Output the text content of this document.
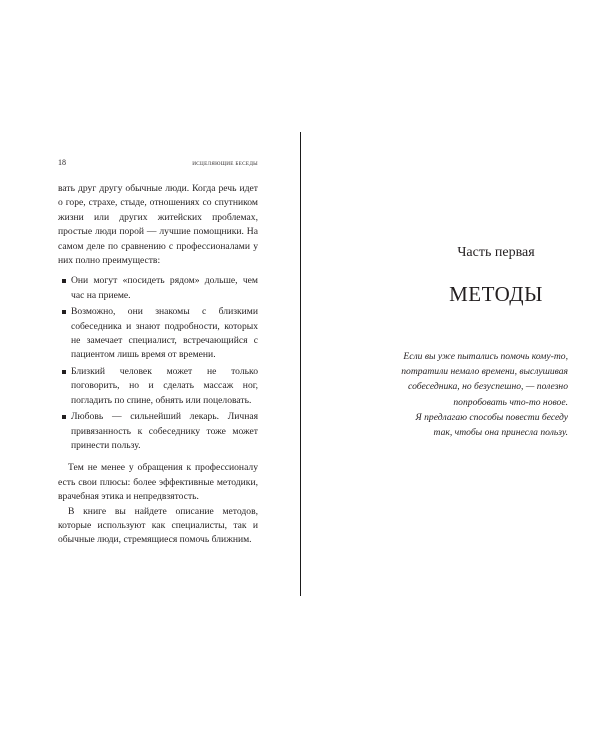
18	ИСЦЕЛЯЮЩИЕ БЕСЕДЫ

вать друг другу обычные люди. Когда речь идет о горе, страхе, стыде, отношениях со спутником жизни или других житейских проблемах, простые люди порой — лучшие помощники. На самом деле по сравнению с профессионалами у них полно преимуществ:

Они могут «посидеть рядом» дольше, чем час на приеме.
Возможно, они знакомы с близкими собеседника и знают подробности, которых не замечает специалист, встречающийся с пациентом лишь время от времени.
Близкий человек может не только поговорить, но и сделать массаж ног, погладить по спине, обнять или поцеловать.
Любовь — сильнейший лекарь. Личная привязанность к собеседнику тоже может принести пользу.

Тем не менее у обращения к профессионалу есть свои плюсы: более эффективные методики, врачебная этика и непредвзятость.

В книге вы найдете описание методов, которые используют как специалисты, так и обычные люди, стремящиеся помочь ближним.

Часть первая
МЕТОДЫ
Если вы уже пытались помочь кому-то,
потратили немало времени, выслушивая
собеседника, но безуспешно, — полезно
попробовать что-то новое.
Я предлагаю способы повести беседу
так, чтобы она принесла пользу.
